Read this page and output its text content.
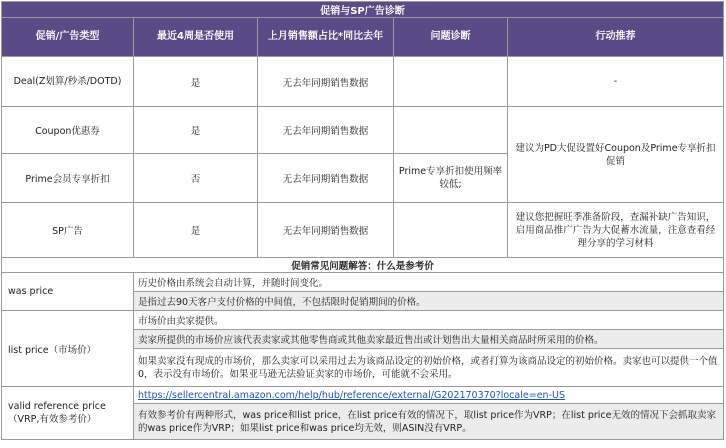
促销与SP广告诊断				
促销/广告类型	最近4周是否使用	上月销售额占比*同比去年	问题诊断	行动推荐
Deal(Z划算/秒杀/DOTD)	是	无去年同期销售数据		-
Coupon优惠券	是	无去年同期销售数据		建议为PD大促设置好Coupon及Prime专享折扣促销
Prime会员专享折扣	否	无去年同期销售数据	Prime专享折扣使用频率较低;	
SP广告	是	无去年同期销售数据		建议您把握旺季准备阶段，查漏补缺广告知识，启用商品推广广告为大促蓄水流量，注意查看经理分享的学习材料
促销常见问题解答：什么是参考价				
was price	历史价格由系统会自动计算，并随时间变化。			
	是指过去90天客户支付价格的中间值，不包括限时促销期间的价格。			
list price（市场价）	市场价由卖家提供。			
	卖家所提供的市场价应该代表卖家或其他零售商或其他卖家最近售出或计划售出大量相关商品时所采用的价格。			
	如果卖家没有现成的市场价，那么卖家可以采用过去为该商品设定的初始价格，或者打算为该商品设定的初始价格。卖家也可以提供一个值 0，表示没有市场价。如果亚马逊无法验证卖家的市场价，可能就不会采用。			
valid reference price（VRP,有效参考价）	https://sellercentral.amazon.com/help/hub/reference/external/G202170370?locale=en-US			
	有效参考价有两种形式，was price和list price，在list price有效的情况下，取list price作为VRP；在list price无效的情况下会抓取卖家的was price作为VRP；如果list price和was price均无效，则ASIN没有VRP。			
